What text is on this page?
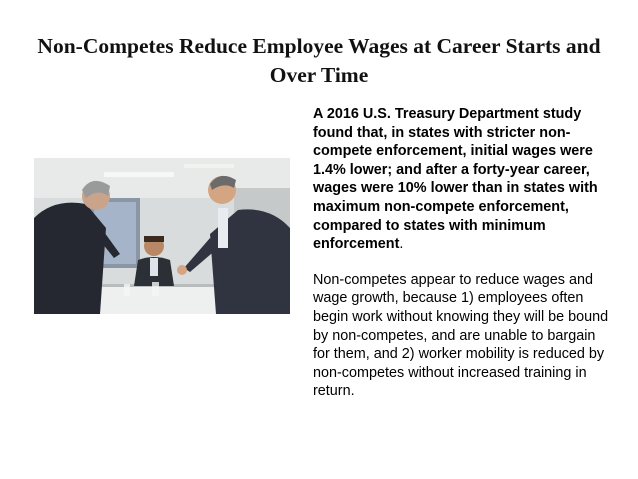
Non-Competes Reduce Employee Wages at Career Starts and Over Time

A 2016 U.S. Treasury Department study found that, in states with stricter non-compete enforcement, initial wages were 1.4% lower; and after a forty-year career, wages were 10% lower than in states with maximum non-compete enforcement, compared to states with minimum enforcement.

Non-competes appear to reduce wages and wage growth, because 1) employees often begin work without knowing they will be bound by non-competes, and are unable to bargain for them, and 2) worker mobility is reduced by non-competes without increased training in return.
